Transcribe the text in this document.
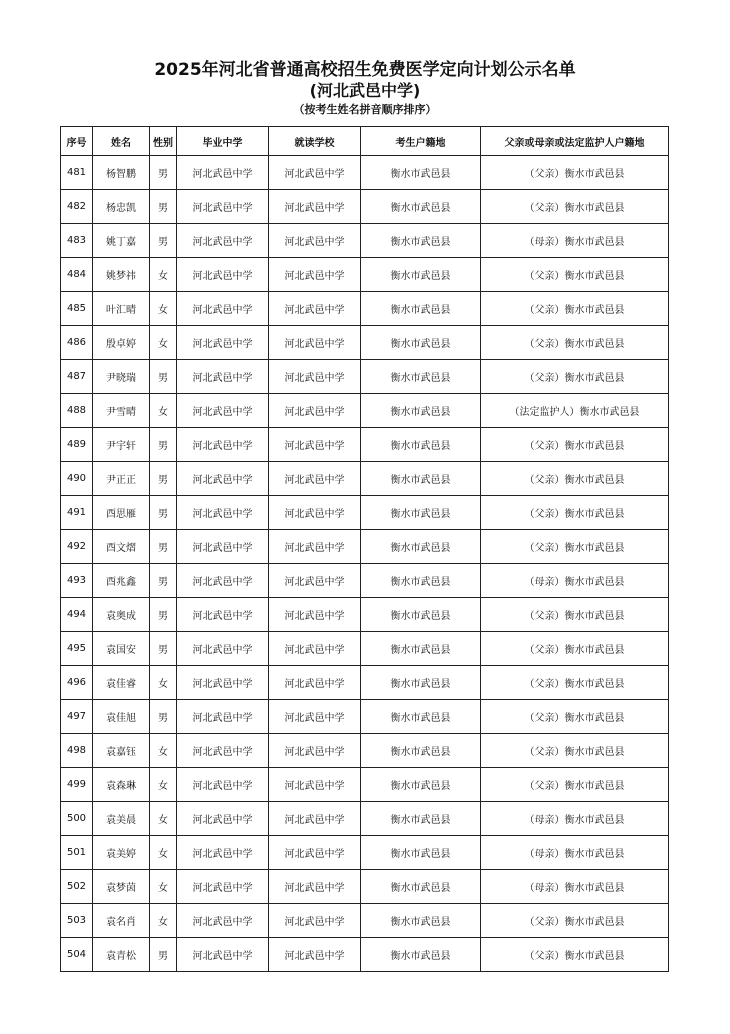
2025年河北省普通高校招生免费医学定向计划公示名单
(河北武邑中学)
（按考生姓名拼音顺序排序）
序号	姓名	性别	毕业中学	就读学校	考生户籍地	父亲或母亲或法定监护人户籍地
481	杨智鹏	男	河北武邑中学	河北武邑中学	衡水市武邑县	（父亲）衡水市武邑县
482	杨忠凯	男	河北武邑中学	河北武邑中学	衡水市武邑县	（父亲）衡水市武邑县
483	姚丁嘉	男	河北武邑中学	河北武邑中学	衡水市武邑县	（母亲）衡水市武邑县
484	姚梦祎	女	河北武邑中学	河北武邑中学	衡水市武邑县	（父亲）衡水市武邑县
485	叶汇晴	女	河北武邑中学	河北武邑中学	衡水市武邑县	（父亲）衡水市武邑县
486	殷卓婷	女	河北武邑中学	河北武邑中学	衡水市武邑县	（父亲）衡水市武邑县
487	尹晓瑞	男	河北武邑中学	河北武邑中学	衡水市武邑县	（父亲）衡水市武邑县
488	尹雪晴	女	河北武邑中学	河北武邑中学	衡水市武邑县	（法定监护人）衡水市武邑县
489	尹宇轩	男	河北武邑中学	河北武邑中学	衡水市武邑县	（父亲）衡水市武邑县
490	尹正正	男	河北武邑中学	河北武邑中学	衡水市武邑县	（父亲）衡水市武邑县
491	酉思雁	男	河北武邑中学	河北武邑中学	衡水市武邑县	（父亲）衡水市武邑县
492	酉文熠	男	河北武邑中学	河北武邑中学	衡水市武邑县	（父亲）衡水市武邑县
493	酉兆鑫	男	河北武邑中学	河北武邑中学	衡水市武邑县	（母亲）衡水市武邑县
494	袁奥成	男	河北武邑中学	河北武邑中学	衡水市武邑县	（父亲）衡水市武邑县
495	袁国安	男	河北武邑中学	河北武邑中学	衡水市武邑县	（父亲）衡水市武邑县
496	袁佳睿	女	河北武邑中学	河北武邑中学	衡水市武邑县	（父亲）衡水市武邑县
497	袁佳旭	男	河北武邑中学	河北武邑中学	衡水市武邑县	（父亲）衡水市武邑县
498	袁嘉钰	女	河北武邑中学	河北武邑中学	衡水市武邑县	（父亲）衡水市武邑县
499	袁森琳	女	河北武邑中学	河北武邑中学	衡水市武邑县	（父亲）衡水市武邑县
500	袁美晨	女	河北武邑中学	河北武邑中学	衡水市武邑县	（母亲）衡水市武邑县
501	袁美婷	女	河北武邑中学	河北武邑中学	衡水市武邑县	（母亲）衡水市武邑县
502	袁梦茵	女	河北武邑中学	河北武邑中学	衡水市武邑县	（母亲）衡水市武邑县
503	袁名肖	女	河北武邑中学	河北武邑中学	衡水市武邑县	（父亲）衡水市武邑县
504	袁青松	男	河北武邑中学	河北武邑中学	衡水市武邑县	（父亲）衡水市武邑县
